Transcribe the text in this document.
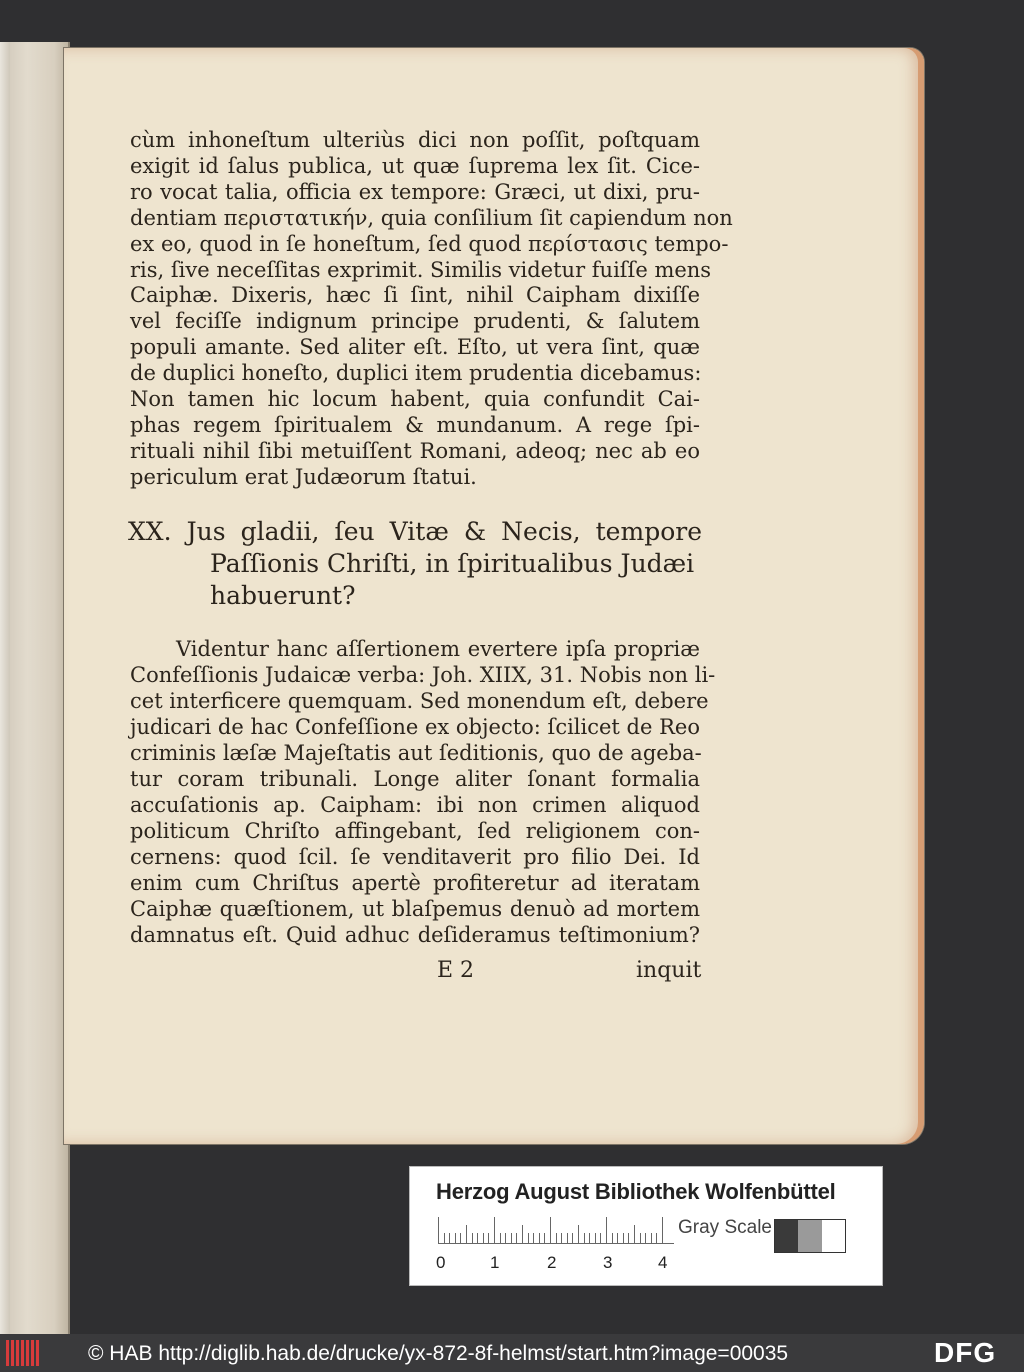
cùm inhoneſtum ulteriùs dici non poſſit, poſtquam
exigit id ſalus publica, ut quæ ſuprema lex ſit. Cice-
ro vocat talia, officia ex tempore: Græci, ut dixi, pru-
dentiam περιστατικήν, quia conſilium ſit capiendum non
ex eo, quod in ſe honeſtum, ſed quod περίστασις tempo-
ris, ſive neceſſitas exprimit. Similis videtur fuiſſe mens
Caiphæ. Dixeris, hæc ſi ſint, nihil Caipham dixiſſe
vel feciſſe indignum principe prudenti, & ſalutem
populi amante. Sed aliter eſt. Eſto, ut vera ſint, quæ
de duplici honeſto, duplici item prudentia dicebamus:
Non tamen hic locum habent, quia confundit Cai-
phas regem ſpiritualem & mundanum. A rege ſpi-
rituali nihil ſibi metuiſſent Romani, adeoq; nec ab eo
periculum erat Judæorum ſtatui.
XX. Jus gladii, ſeu Vitæ & Necis, tempore
Paſſionis Chriſti, in ſpiritualibus Judæi
habuerunt?
Videntur hanc aſſertionem evertere ipſa propriæ
Confeſſionis Judaicæ verba: Joh. XIIX, 31. Nobis non li-
cet interficere quemquam. Sed monendum eſt, debere
judicari de hac Confeſſione ex objecto: ſcilicet de Reo
criminis læſæ Majeſtatis aut ſeditionis, quo de ageba-
tur coram tribunali. Longe aliter ſonant formalia
accuſationis ap. Caipham: ibi non crimen aliquod
politicum Chriſto affingebant, ſed religionem con-
cernens: quod ſcil. ſe venditaverit pro filio Dei. Id
enim cum Chriſtus apertè profiteretur ad iteratam
Caiphæ quæſtionem, ut blaſpemus denuò ad mortem
damnatus eſt. Quid adhuc deſideramus teſtimonium?
E 2	inquit
Herzog August Bibliothek Wolfenbüttel
0	1	2	3	4
Gray Scale
© HAB http://diglib.hab.de/drucke/yx-872-8f-helmst/start.htm?image=00035	DFG
